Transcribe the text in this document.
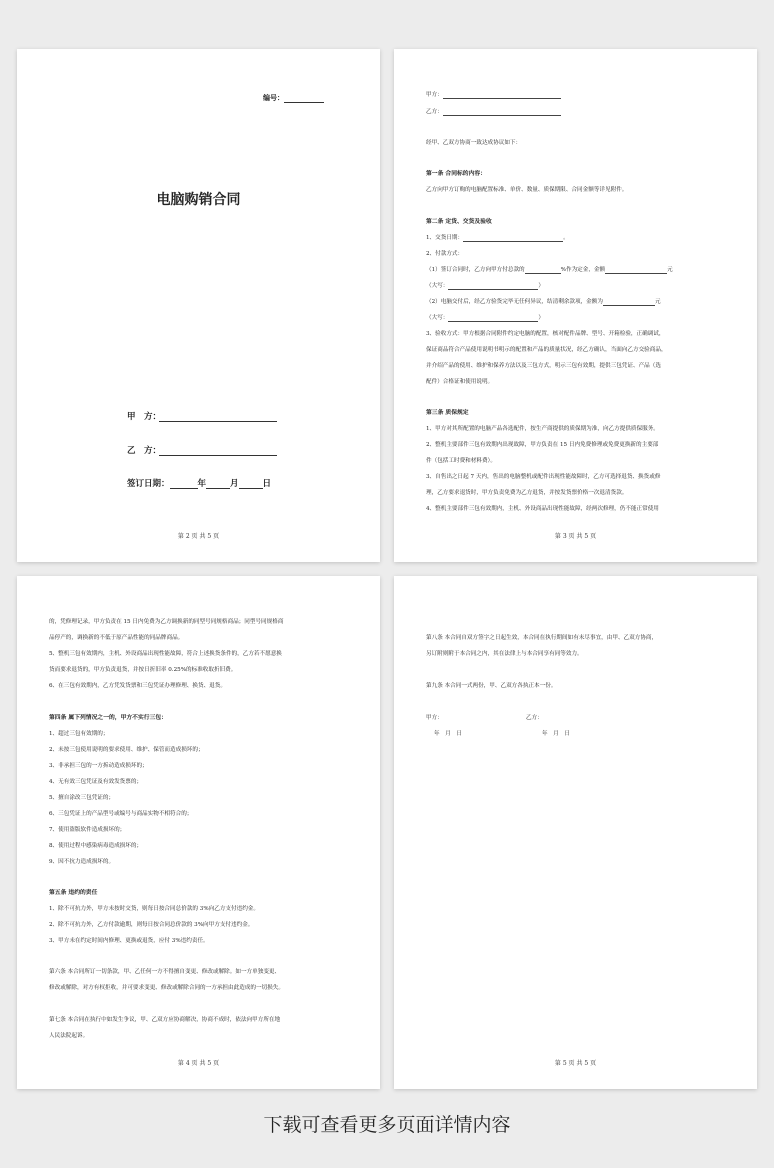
编号：
电脑购销合同
甲　方：
乙　方：
签订日期：	年	月	日

第 2 页 共 5 页
甲方：
乙方：
经甲、乙双方协商一致达成协议如下：
第一条 合同标的内容：
乙方向甲方订购的电脑配置标准、单价、数量、质保期限、合同金额等详见附件。
第二条 定货、交货及验收
1、交货日期：	。
2、付款方式：
（1）签订合同时，乙方向甲方付总款的	%作为定金，金额	元
（大写：	）
（2）电脑交付后，经乙方验货完毕无任何异议，结清剩余款项，金额为	元
（大写：	）
3、验收方式：甲方根据合同附件约定电脑的配置，核对配件品牌、型号、开箱检验，正确调试，
保证商品符合产品使用说明书明示的配置和产品的质量状况，经乙方确认，当面向乙方交验商品，
并介绍产品的使用、维护和保养方法以及三包方式，明示三包有效期，提供三包凭证、产品（选
配件）合格证和使用说明。
第三条 质保规定
1、甲方对其所配置的电脑产品各选配件，按生产商提供的质保期为准，向乙方提供质保服务。
2、整机主要部件三包有效期内出现故障，甲方负责在 15 日内免费修理或免费更换新的主要部
件（包括工时费和材料费）。
3、自售出之日起 7 天内，售出的电脑整机或配件出现性能故障时，乙方可选择退货、换货或修
理，乙方要求退货时，甲方负责免费为乙方退货，并按发货票价格一次退清货款。
4、整机主要部件三包有效期内，主机、外设商品出现性能故障，经两次修理，仍不能正常使用
第 3 页 共 5 页
的，凭修理记录，甲方负责在 15 日内免费为乙方调换新的同型号同规格商品；同型号同规格商
品停产的，调换新的不低于原产品性能的同品牌商品。
5、整机三包有效期内，主机、外设商品出现性能故障，符合上述换货条件的，乙方若不愿意换
货而要求退货的，甲方负责退货，并按日折旧率 0.25%的标准收取折旧费。
6、在三包有效期内，乙方凭发货票和三包凭证办理修理、换货、退货。
第四条 属下列情况之一的，甲方不实行三包：
1、超过三包有效期的；
2、未按三包使用说明的要求使用、维护、保管而造成损坏的；
3、非承担三包的一方拆动造成损坏的；
4、无有效三包凭证及有效发货票的；
5、擅自涂改三包凭证的；
6、三包凭证上的产品型号或编号与商品实物不相符合的；
7、使用盗版软件造成损坏的；
8、使用过程中感染病毒造成损坏的；
9、因不抗力造成损坏的。
第五条 违约的责任
1、除不可抗力外，甲方未按时交货，则每日按合同总价款的 3%向乙方支付违约金。
2、除不可抗力外，乙方付款逾期，则每日按合同总价款的 3%向甲方支付违约金。
3、甲方未在约定时间内修理、更换或退货，应付 3%违约责任。
第六条 本合同所订一切条款，甲、乙任何一方不得擅自变更、修改或解除。如一方单独变更、
修改或解除，对方有权拒收，并可要求变更、修改或解除合同的一方承担由此造成的一切损失。
第七条 本合同在执行中如发生争议，甲、乙双方应协商解决，协商不成时，依法向甲方所在地
人民法院起诉。
第 4 页 共 5 页
第八条 本合同自双方签字之日起生效，本合同在执行期间如有未尽事宜，由甲、乙双方协商，
另订附则附于本合同之内，其在法律上与本合同享有同等效力。
第九条 本合同一式两份，甲、乙双方各执正本一份。
甲方：	乙方：
年　月　日	年　月　日
第 5 页 共 5 页
下载可查看更多页面详情内容
